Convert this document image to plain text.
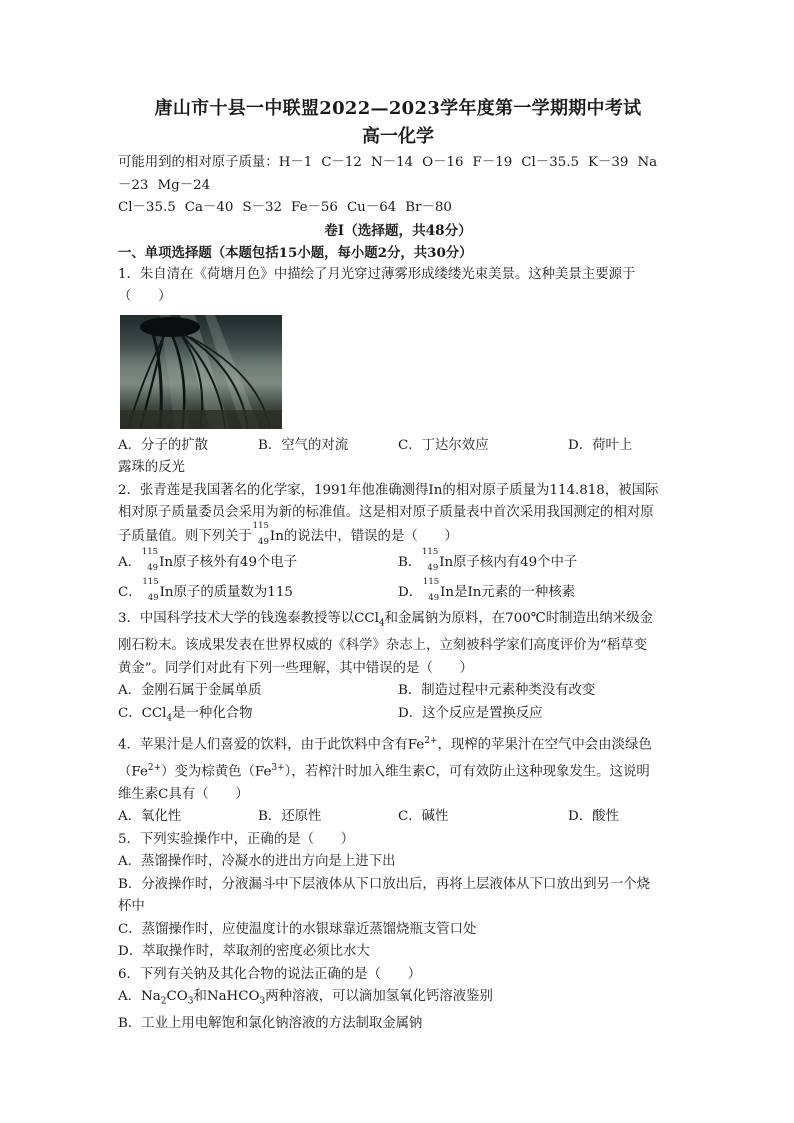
唐山市十县一中联盟2022—2023学年度第一学期期中考试

高一化学

可能用到的相对原子质量：H－1 C－12 N－14 O－16 F－19 Cl－35.5 K－39 Na

－23 Mg－24

Cl－35.5 Ca－40 S－32 Fe－56 Cu－64 Br－80

卷Ⅰ（选择题，共48分）
一、单项选择题（本题包括15小题，每小题2分，共30分）

1．朱自清在《荷塘月色》中描绘了月光穿过薄雾形成缕缕光束美景。这种美景主要源于

（　　）

A．分子的扩散	B．空气的对流	C．丁达尔效应	D．荷叶上

露珠的反光

2．张青莲是我国著名的化学家，1991年他准确测得In的相对原子质量为114.818，被国际

相对原子质量委员会采用为新的标准值。这是相对原子质量表中首次采用我国测定的相对原

子质量值。则下列关于
115
49 In的说法中，错误的是（　　）

A．
115
49 In原子核外有49个电子	B．
115
49 In原子核内有49个中子
C．
115
49 In原子的质量数为115	D．
115
49 In是In元素的一种核素

3．中国科学技术大学的钱逸泰教授等以CCl$_4$和金属钠为原料，在700℃时制造出纳米级金

刚石粉末。该成果发表在世界权威的《科学》杂志上，立刻被科学家们高度评价为“稻草变

黄金”。同学们对此有下列一些理解，其中错误的是（　　）

A．金刚石属于金属单质	B．制造过程中元素种类没有改变
C．CCl$_4$是一种化合物	D．这个反应是置换反应

4．苹果汁是人们喜爱的饮料，由于此饮料中含有$Fe^{2+}$，现榨的苹果汁在空气中会由淡绿色

$(Fe^{2+})$变为棕黄色$(Fe^{3+})$，若榨汁时加入维生素C，可有效防止这种现象发生。这说明

维生素C具有（　　）

A．氧化性	B．还原性	C．碱性	D．酸性

5．下列实验操作中，正确的是（　　）

A．蒸馏操作时，冷凝水的进出方向是上进下出

B．分液操作时，分液漏斗中下层液体从下口放出后，再将上层液体从下口放出到另一个烧

杯中

C．蒸馏操作时，应使温度计的水银球靠近蒸馏烧瓶支管口处

D．萃取操作时，萃取剂的密度必须比水大

6．下列有关钠及其化合物的说法正确的是（　　）

A．$Na_2CO_3$和NaHCO$_3$两种溶液，可以滴加氢氧化钙溶液鉴别

B．工业上用电解饱和氯化钠溶液的方法制取金属钠
